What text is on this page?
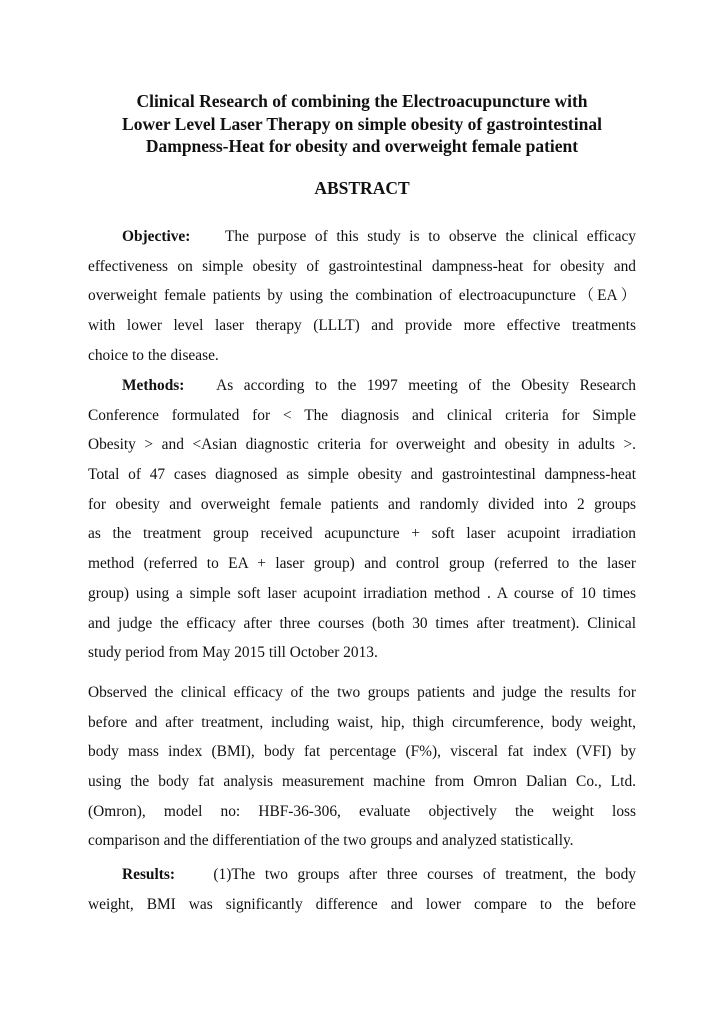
Clinical Research of combining the Electroacupuncture with
Lower Level Laser Therapy on simple obesity of gastrointestinal
Dampness-Heat for obesity and overweight female patient
ABSTRACT
Objective: The purpose of this study is to observe the clinical efficacy
effectiveness on simple obesity of gastrointestinal dampness-heat for obesity and
overweight female patients by using the combination of electroacupuncture（EA）
with lower level laser therapy (LLLT) and provide more effective treatments
choice to the disease.
Methods: As according to the 1997 meeting of the Obesity Research
Conference formulated for < The diagnosis and clinical criteria for Simple
Obesity > and <Asian diagnostic criteria for overweight and obesity in adults >.
Total of 47 cases diagnosed as simple obesity and gastrointestinal dampness-heat
for obesity and overweight female patients and randomly divided into 2 groups
as the treatment group received acupuncture + soft laser acupoint irradiation
method (referred to EA + laser group) and control group (referred to the laser
group) using a simple soft laser acupoint irradiation method . A course of 10 times
and judge the efficacy after three courses (both 30 times after treatment). Clinical
study period from May 2015 till October 2013.
Observed the clinical efficacy of the two groups patients and judge the results for
before and after treatment, including waist, hip, thigh circumference, body weight,
body mass index (BMI), body fat percentage (F%), visceral fat index (VFI) by
using the body fat analysis measurement machine from Omron Dalian Co., Ltd.
(Omron), model no: HBF-36-306, evaluate objectively the weight loss
comparison and the differentiation of the two groups and analyzed statistically.
Results: (1)The two groups after three courses of treatment, the body
weight, BMI was significantly difference and lower compare to the before
